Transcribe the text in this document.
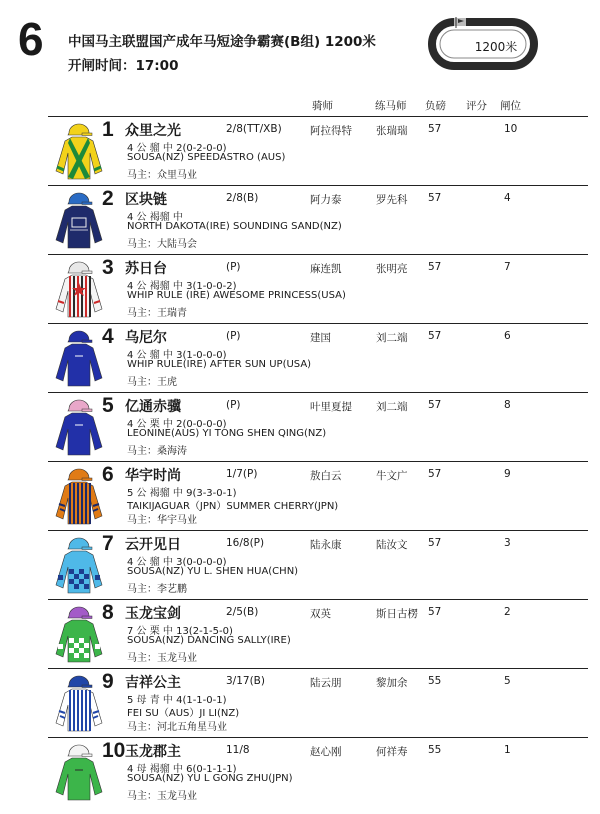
6 中国马主联盟国产成年马短途争霸赛(B组) 1200米
开闸时间：17:00
1200米
骑师	练马师 负磅 评分 闸位
1 众里之光	2/8(TT/XB)	阿拉得特 张瑞瑞 57	10
4 公 骝 中 2(0-2-0-0)
SOUSA(NZ) SPEEDASTRO (AUS)
马主：众里马业
2 区块链	2/8(B)	阿力泰	罗先科 57	4
4 公 褐骝 中
NORTH DAKOTA(IRE) SOUNDING SAND(NZ)
马主：大陆马会
3 苏日台	(P)	麻连凯	张明亮 57	7
4 公 褐骝 中 3(1-0-0-2)
WHIP RULE (IRE) AWESOME PRINCESS(USA)
马主：王瑞青
4 乌尼尔	(P)	建国	刘二端 57	6
4 公 骝 中 3(1-0-0-0)
WHIP RULE(IRE) AFTER SUN UP(USA)
马主：王虎
5 亿通赤骥	(P)	叶里夏提 刘二端 57	8
4 公 栗 中 2(0-0-0-0)
LEONINE(AUS) YI TONG SHEN QING(NZ)
马主：桑海涛
6 华宇时尚	1/7(P)	敖白云	牛文广 57	9
5 公 褐骝 中 9(3-3-0-1)
TAIKIJAGUAR（JPN）SUMMER CHERRY(JPN)
马主：华宇马业
7 云开见日	16/8(P)	陆永康	陆汝文 57	3
4 公 骝 中 3(0-0-0-0)
SOUSA(NZ) YU L. SHEN HUA(CHN)
马主：李艺鹏
8 玉龙宝剑	2/5(B)	双英	斯日古楞 57	2
7 公 栗 中 13(2-1-5-0)
SOUSA(NZ) DANCING SALLY(IRE)
马主：玉龙马业
9 吉祥公主	3/17(B)	陆云朋	黎加余 55	5
5 母 青 中 4(1-1-0-1)
FEI SU（AUS）JI LI(NZ)
马主：河北五角星马业
10 玉龙郡主	11/8	赵心刚	何祥寿 55	1
4 母 褐骝 中 6(0-1-1-1)
SOUSA(NZ) YU L GONG ZHU(JPN)
马主：玉龙马业
